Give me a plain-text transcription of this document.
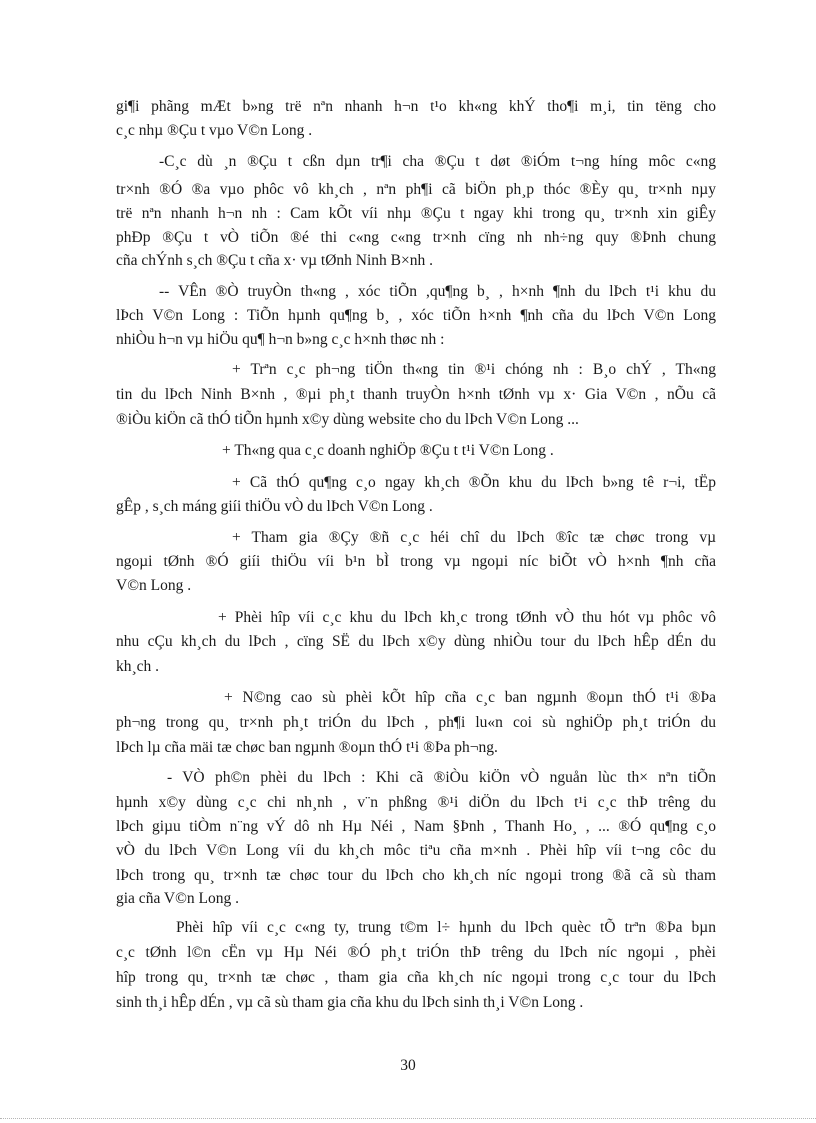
gi¶i phãng mÆt b»ng trë nªn nhanh h¬n t¹o kh«ng khÝ tho¶i m¸i, tin tëng cho
c¸c nhµ ®Çu t vµo V©n Long .
-C¸c dù ¸n ®Çu t cßn dµn tr¶i cha ®Çu t døt ®iÓm t¬ng híng môc c«ng
tr×nh ®Ó ®a vµo phôc vô kh¸ch , nªn ph¶i cã biÖn ph¸p thóc ®Èy qu¸ tr×nh nµy
trë nªn nhanh h¬n nh : Cam kÕt víi nhµ ®Çu t ngay khi trong qu¸ tr×nh xin giÊy
phÐp ®Çu t vÒ tiÕn ®é thi c«ng c«ng tr×nh cïng nh nh÷ng quy ®Þnh chung
cña chÝnh s¸ch ®Çu t cña x· vµ tØnh Ninh B×nh .
-- VÊn ®Ò truyÒn th«ng , xóc tiÕn ,qu¶ng b¸ , h×nh ¶nh du lÞch t¹i khu du
lÞch V©n Long : TiÕn hµnh qu¶ng b¸ , xóc tiÕn h×nh ¶nh cña du lÞch V©n Long
nhiÒu h¬n vµ hiÖu qu¶ h¬n b»ng c¸c h×nh thøc nh :
+ Trªn c¸c ph¬ng tiÖn th«ng tin ®¹i chóng nh : B¸o chÝ , Th«ng
tin du lÞch Ninh B×nh , ®µi ph¸t thanh truyÒn h×nh tØnh vµ x· Gia V©n , nÕu cã
®iÒu kiÖn cã thÓ tiÕn hµnh x©y dùng website cho du lÞch V©n Long ...
+ Th«ng qua c¸c doanh nghiÖp ®Çu t t¹i V©n Long .
+ Cã thÓ qu¶ng c¸o ngay kh¸ch ®Õn khu du lÞch b»ng tê r¬i, tËp
gÊp , s¸ch máng giíi thiÖu vÒ du lÞch V©n Long .
+ Tham gia ®Çy ®ñ c¸c héi chî du lÞch ®îc tæ chøc trong vµ
ngoµi tØnh ®Ó giíi thiÖu víi b¹n bÌ trong vµ ngoµi níc biÕt vÒ h×nh ¶nh cña
V©n Long .
+ Phèi hîp víi c¸c khu du lÞch kh¸c trong tØnh vÒ thu hót vµ phôc vô
nhu cÇu kh¸ch du lÞch , cïng SË du lÞch x©y dùng nhiÒu tour du lÞch hÊp dÉn du
kh¸ch .
+ N©ng cao sù phèi kÕt hîp cña c¸c ban ngµnh ®oµn thÓ t¹i ®Þa
ph¬ng trong qu¸ tr×nh ph¸t triÓn du lÞch , ph¶i lu«n coi sù nghiÖp ph¸t triÓn du
lÞch lµ cña mäi tæ chøc ban ngµnh ®oµn thÓ t¹i ®Þa ph¬ng.
- VÒ ph©n phèi du lÞch : Khi cã ®iÒu kiÖn vÒ nguån lùc th× nªn tiÕn
hµnh x©y dùng c¸c chi nh¸nh , v¨n phßng ®¹i diÖn du lÞch t¹i c¸c thÞ trêng du
lÞch giµu tiÒm n¨ng vÝ dô nh Hµ Néi , Nam §Þnh , Thanh Ho¸ , ... ®Ó qu¶ng c¸o
vÒ du lÞch V©n Long víi du kh¸ch môc tiªu cña m×nh . Phèi hîp víi t¬ng côc du
lÞch trong qu¸ tr×nh tæ chøc tour du lÞch cho kh¸ch níc ngoµi trong ®ã cã sù tham
gia cña V©n Long .
Phèi hîp víi c¸c c«ng ty, trung t©m l÷ hµnh du lÞch quèc tÕ trªn ®Þa bµn
c¸c tØnh l©n cËn vµ Hµ Néi ®Ó ph¸t triÓn thÞ trêng du lÞch níc ngoµi , phèi
hîp trong qu¸ tr×nh tæ chøc , tham gia cña kh¸ch níc ngoµi trong c¸c tour du lÞch
sinh th¸i hÊp dÉn , vµ cã sù tham gia cña khu du lÞch sinh th¸i V©n Long .
30
